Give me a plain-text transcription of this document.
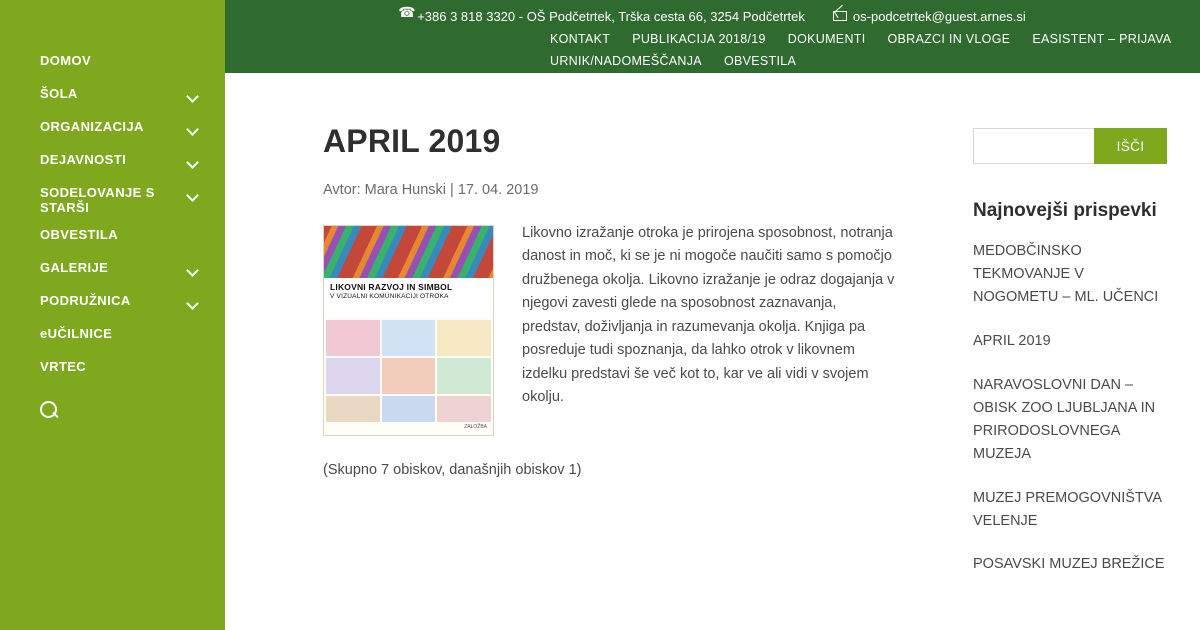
DOMOV
ŠOLA
ORGANIZACIJA
DEJAVNOSTI
SODELOVANJE S STARŠI
OBVESTILA
GALERIJE
PODRUŽNICA
eUČILNICE
VRTEC
☎
+386 3 818 3320 - OŠ Podčetrtek, Trška cesta 66, 3254 Podčetrtek	os-podcetrtek@guest.arnes.si
KONTAKT	PUBLIKACIJA 2018/19	DOKUMENTI	OBRAZCI IN VLOGE	EASISTENT – PRIJAVA
URNIK/NADOMEŠČANJA	OBVESTILA
APRIL 2019
Avtor: Mara Hunski | 17. 04. 2019
LIKOVNI RAZVOJ IN SIMBOL
V VIZUALNI KOMUNIKACIJI OTROKA
ZALOŽBA
Likovno izražanje otroka je prirojena sposobnost, notranja danost in moč, ki se je ni mogoče naučiti samo s pomočjo družbenega okolja. Likovno izražanje je odraz dogajanja v njegovi zavesti glede na sposobnost zaznavanja, predstav, doživljanja in razumevanja okolja. Knjiga pa posreduje tudi spoznanja, da lahko otrok v likovnem izdelku predstavi še več kot to, kar ve ali vidi v svojem okolju.
(Skupno 7 obiskov, današnjih obiskov 1)
IŠČI
Najnovejši prispevki
MEDOBČINSKO TEKMOVANJE V NOGOMETU – ML. UČENCI
APRIL 2019
NARAVOSLOVNI DAN – OBISK ZOO LJUBLJANA IN PRIRODOSLOVNEGA MUZEJA
MUZEJ PREMOGOVNIŠTVA VELENJE
POSAVSKI MUZEJ BREŽICE
